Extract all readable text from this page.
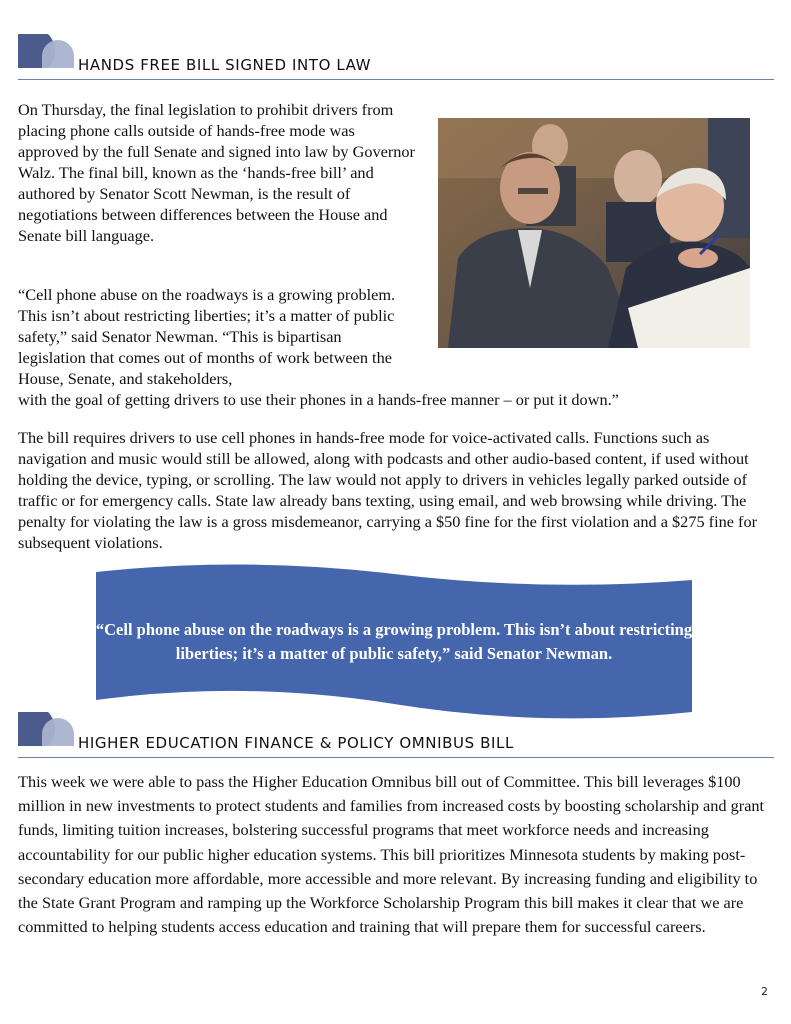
HANDS FREE BILL SIGNED INTO LAW

On Thursday, the final legislation to prohibit drivers from placing phone calls outside of hands-free mode was approved by the full Senate and signed into law by Governor Walz. The final bill, known as the ‘hands-free bill’ and authored by Senator Scott Newman, is the result of negotiations between differences between the House and Senate bill language.

“Cell phone abuse on the roadways is a growing problem. This isn’t about restricting liberties; it’s a matter of public safety,” said Senator Newman. “This is bipartisan legislation that comes out of months of work between the House, Senate, and stakeholders,

with the goal of getting drivers to use their phones in a hands-free manner – or put it down.”

The bill requires drivers to use cell phones in hands-free mode for voice-activated calls. Functions such as navigation and music would still be allowed, along with podcasts and other audio-based content, if used without holding the device, typing, or scrolling. The law would not apply to drivers in vehicles legally parked outside of traffic or for emergency calls. State law already bans texting, using email, and web browsing while driving. The penalty for violating the law is a gross misdemeanor, carrying a $50 fine for the first violation and a $275 fine for subsequent violations.

“Cell phone abuse on the roadways is a growing problem. This isn’t about restricting liberties; it’s a matter of public safety,” said Senator Newman.
HIGHER EDUCATION FINANCE & POLICY OMNIBUS BILL

This week we were able to pass the Higher Education Omnibus bill out of Committee. This bill leverages $100 million in new investments to protect students and families from increased costs by boosting scholarship and grant funds, limiting tuition increases, bolstering successful programs that meet workforce needs and increasing accountability for our public higher education systems. This bill prioritizes Minnesota students by making post-secondary education more affordable, more accessible and more relevant. By increasing funding and eligibility to the State Grant Program and ramping up the Workforce Scholarship Program this bill makes it clear that we are committed to helping students access education and training that will prepare them for successful careers.

2
